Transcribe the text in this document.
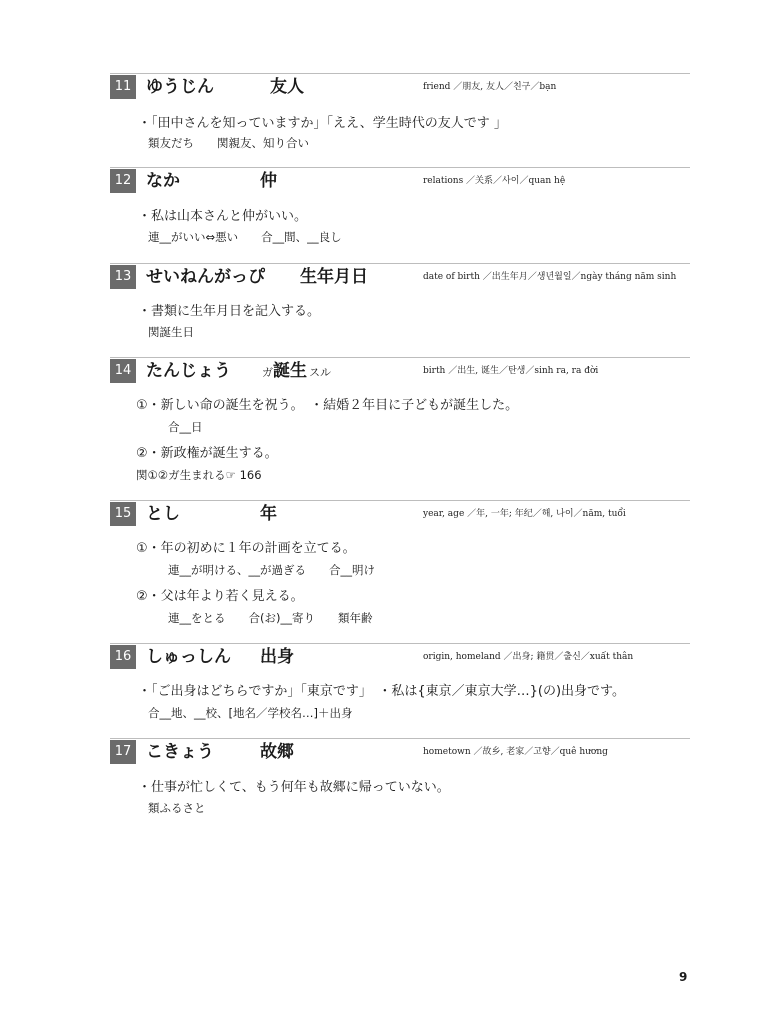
11 ゆうじん	友人	friend ／朋友, 友人／친구／bạn
・「田中さんを知っていますか」「ええ、学生時代の友人です 」
類友だち　　関親友、知り合い
12 なか	仲	relations ／关系／사이／quan hệ
・私は山本さんと仲がいい。
連__がいい⇔悪い　　合__間、__良し
13 せいねんがっぴ 生年月日	date of birth ／出生年月／생년월일／ngày tháng năm sinh
・書類に生年月日を記入する。
関誕生日
14 たんじょう	ガ誕生 スル	birth ／出生, 诞生／탄생／sinh ra, ra đời
①・新しい命の誕生を祝う。　・結婚２年目に子どもが誕生した。
合__日
②・新政権が誕生する。
関①②ガ生まれる☞ 166
15 とし	年	year, age ／年, 一年; 年纪／해, 나이／năm, tuổi
①・年の初めに１年の計画を立てる。
連__が明ける、__が過ぎる　　合__明け
②・父は年より若く見える。
連__をとる　　合(お)__寄り　　類年齢
16 しゅっしん 出身	origin, homeland ／出身; 籍贯／출신／xuất thân
・「ご出身はどちらですか」「東京です」　・私は{東京／東京大学…}(の)出身です。
合__地、__校、[地名／学校名…]＋出身
17 こきょう	故郷	hometown ／故乡, 老家／고향／quê hương
・仕事が忙しくて、もう何年も故郷に帰っていない。
類ふるさと
9
